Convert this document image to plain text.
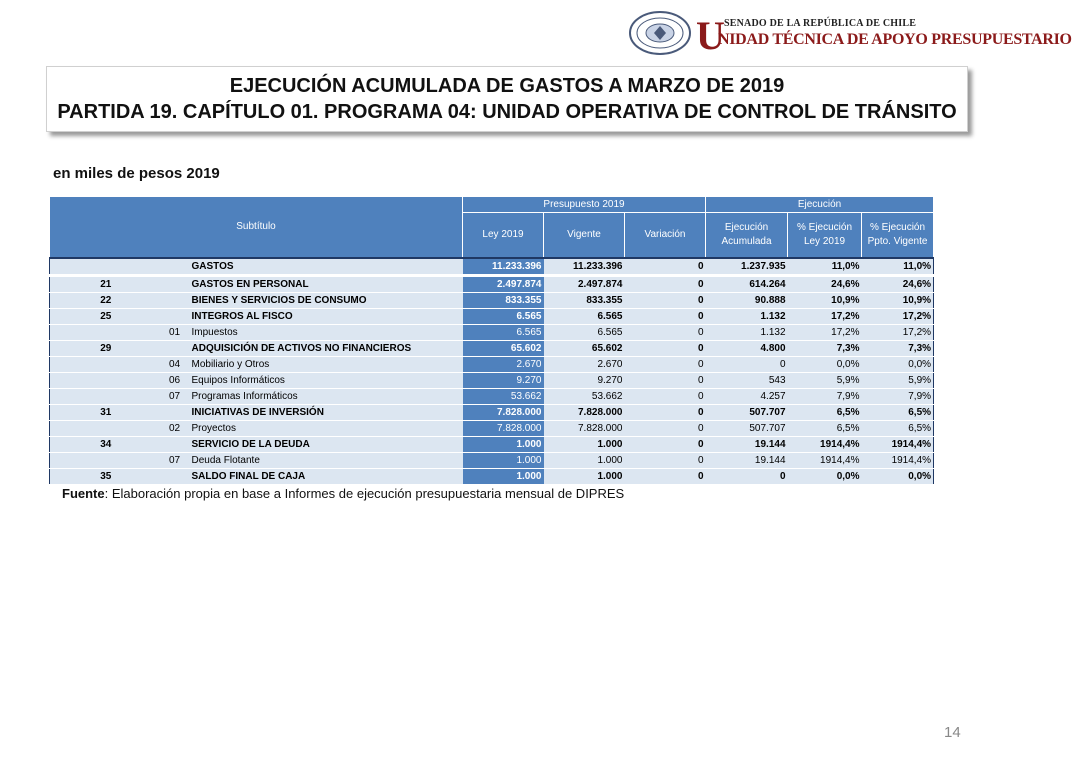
U SENADO DE LA REPÚBLICA DE CHILE
NIDAD TÉCNICA DE APOYO PRESUPUESTARIO
EJECUCIÓN ACUMULADA DE GASTOS A MARZO DE 2019
PARTIDA 19. CAPÍTULO 01. PROGRAMA 04: UNIDAD OPERATIVA DE CONTROL DE TRÁNSITO
en miles de pesos 2019
Subtítulo			Presupuesto 2019			Ejecución		
			Ley 2019	Vigente	Variación	Ejecución Acumulada	% Ejecución Ley 2019	% Ejecución Ppto. Vigente
		GASTOS	11.233.396	11.233.396	0	1.237.935	11,0%	11,0%
21		GASTOS EN PERSONAL	2.497.874	2.497.874	0	614.264	24,6%	24,6%
22		BIENES Y SERVICIOS DE CONSUMO	833.355	833.355	0	90.888	10,9%	10,9%
25		INTEGROS AL FISCO	6.565	6.565	0	1.132	17,2%	17,2%
	01	Impuestos	6.565	6.565	0	1.132	17,2%	17,2%
29		ADQUISICIÓN DE ACTIVOS NO FINANCIEROS	65.602	65.602	0	4.800	7,3%	7,3%
	04	Mobiliario y Otros	2.670	2.670	0	0	0,0%	0,0%
	06	Equipos Informáticos	9.270	9.270	0	543	5,9%	5,9%
	07	Programas Informáticos	53.662	53.662	0	4.257	7,9%	7,9%
31		INICIATIVAS DE INVERSIÓN	7.828.000	7.828.000	0	507.707	6,5%	6,5%
	02	Proyectos	7.828.000	7.828.000	0	507.707	6,5%	6,5%
34		SERVICIO DE LA DEUDA	1.000	1.000	0	19.144	1914,4%	1914,4%
	07	Deuda Flotante	1.000	1.000	0	19.144	1914,4%	1914,4%
35		SALDO FINAL DE CAJA	1.000	1.000	0	0	0,0%	0,0%
Fuente: Elaboración propia en base a Informes de ejecución presupuestaria mensual de DIPRES
14
